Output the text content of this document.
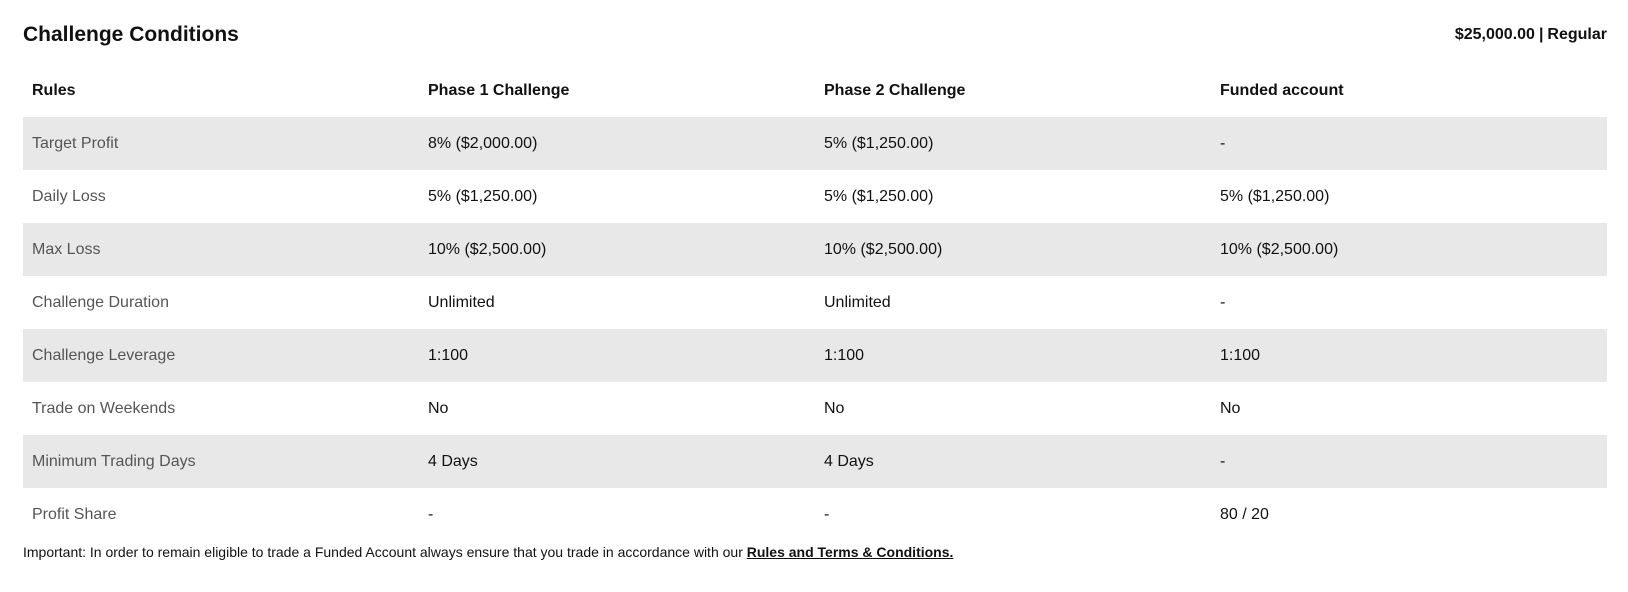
Challenge Conditions	$25,000.00 | Regular
Rules	Phase 1 Challenge	Phase 2 Challenge	Funded account
Target Profit	8% ($2,000.00)	5% ($1,250.00)	-
Daily Loss	5% ($1,250.00)	5% ($1,250.00)	5% ($1,250.00)
Max Loss	10% ($2,500.00)	10% ($2,500.00)	10% ($2,500.00)
Challenge Duration	Unlimited	Unlimited	-
Challenge Leverage	1:100	1:100	1:100
Trade on Weekends	No	No	No
Minimum Trading Days	4 Days	4 Days	-
Profit Share	-	-	80 / 20
Important: In order to remain eligible to trade a Funded Account always ensure that you trade in accordance with our Rules and Terms & Conditions.
